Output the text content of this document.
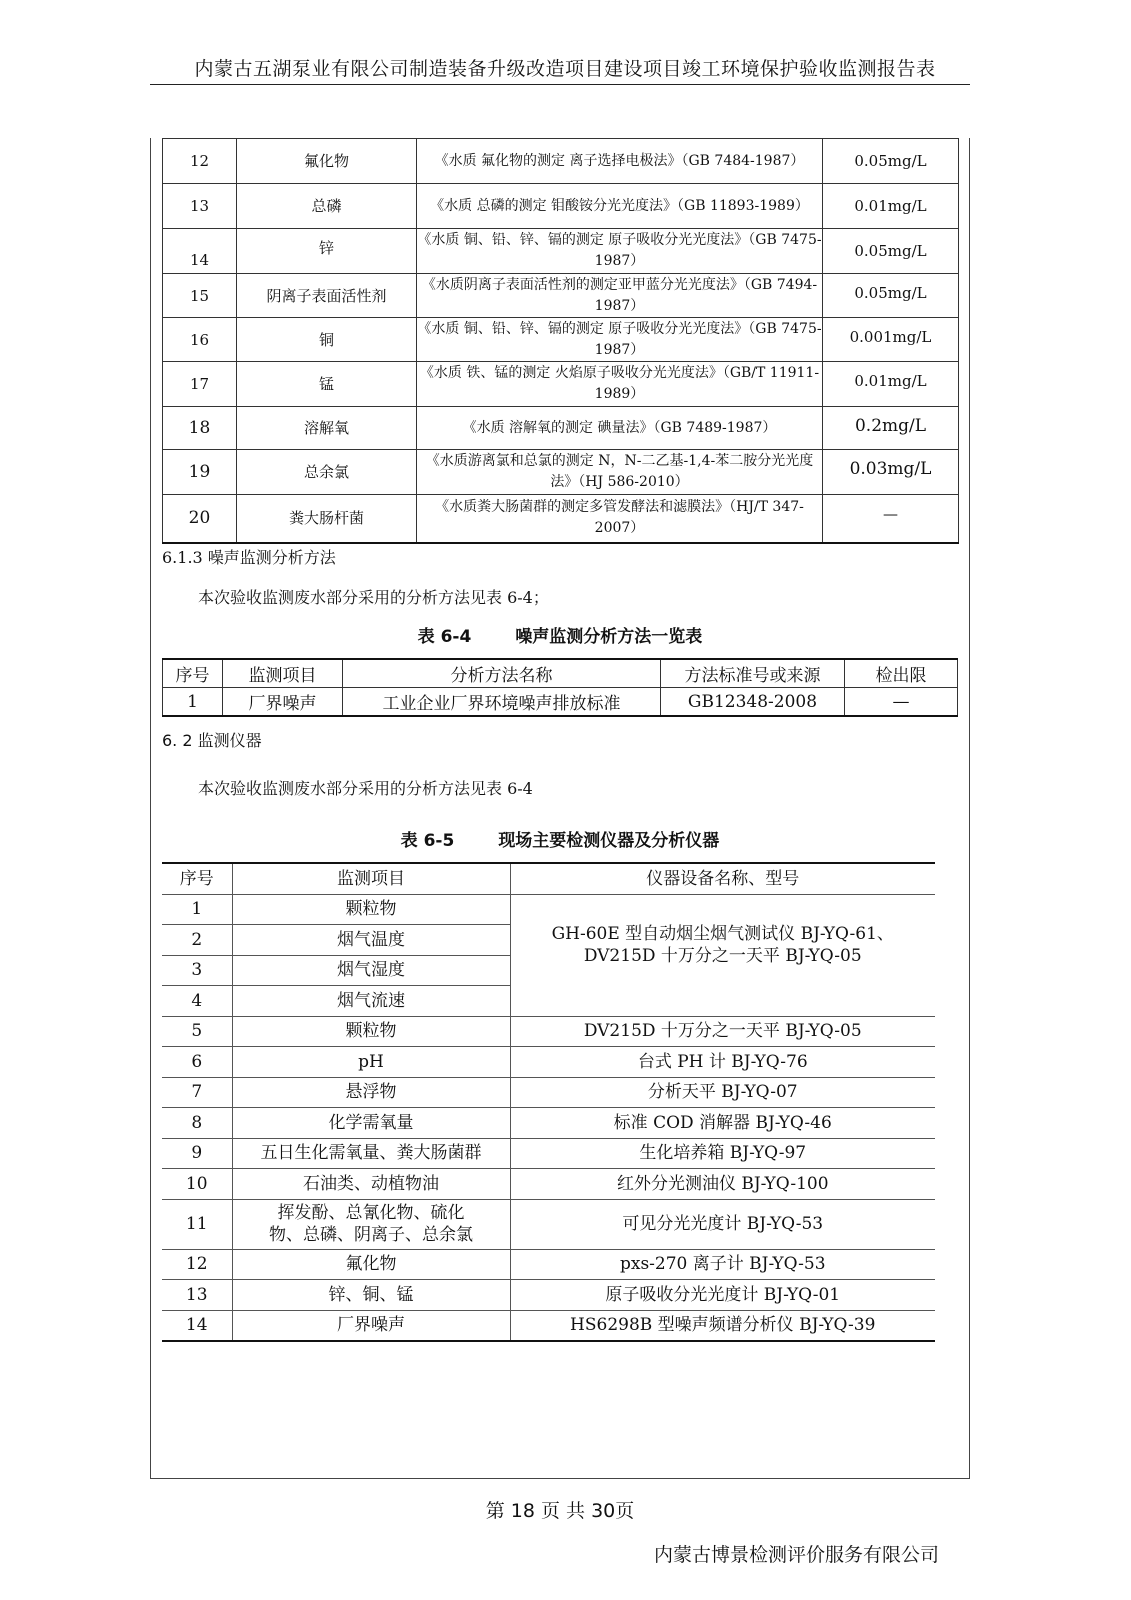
内蒙古五湖泵业有限公司制造装备升级改造项目建设项目竣工环境保护验收监测报告表
12	氟化物	《水质 氟化物的测定 离子选择电极法》（GB 7484-1987）	0.05mg/L
13	总磷	《水质 总磷的测定 钼酸铵分光光度法》（GB 11893-1989）	0.01mg/L
14	锌	《水质 铜、铅、锌、镉的测定 原子吸收分光光度法》（GB 7475-1987）	0.05mg/L
15	阴离子表面活性剂	《水质阴离子表面活性剂的测定亚甲蓝分光光度法》（GB 7494-1987）	0.05mg/L
16	铜	《水质 铜、铅、锌、镉的测定 原子吸收分光光度法》（GB 7475-1987）	0.001mg/L
17	锰	《水质 铁、锰的测定 火焰原子吸收分光光度法》（GB/T 11911-1989）	0.01mg/L
18	溶解氧	《水质 溶解氧的测定 碘量法》（GB 7489-1987）	0.2mg/L
19	总余氯	《水质游离氯和总氯的测定 N，N-二乙基-1,4-苯二胺分光光度法》（HJ 586-2010）	0.03mg/L
20	粪大肠杆菌	《水质粪大肠菌群的测定多管发酵法和滤膜法》（HJ/T 347-2007）	—
6.1.3 噪声监测分析方法
本次验收监测废水部分采用的分析方法见表 6-4；
表 6-4	噪声监测分析方法一览表
序号	监测项目	分析方法名称	方法标准号或来源	检出限
1	厂界噪声	工业企业厂界环境噪声排放标准	GB12348-2008	—
6. 2 监测仪器
本次验收监测废水部分采用的分析方法见表 6-4
表 6-5	现场主要检测仪器及分析仪器
序号	监测项目	仪器设备名称、型号
1	颗粒物	GH-60E 型自动烟尘烟气测试仪 BJ-YQ-61、DV215D 十万分之一天平 BJ-YQ-05
2	烟气温度	
3	烟气湿度	
4	烟气流速	
5	颗粒物	DV215D 十万分之一天平 BJ-YQ-05
6	pH	台式 PH 计 BJ-YQ-76
7	悬浮物	分析天平 BJ-YQ-07
8	化学需氧量	标准 COD 消解器 BJ-YQ-46
9	五日生化需氧量、粪大肠菌群	生化培养箱 BJ-YQ-97
10	石油类、动植物油	红外分光测油仪 BJ-YQ-100
11	挥发酚、总氰化物、硫化物、总磷、阴离子、总余氯	可见分光光度计 BJ-YQ-53
12	氟化物	pxs-270 离子计 BJ-YQ-53
13	锌、铜、锰	原子吸收分光光度计 BJ-YQ-01
14	厂界噪声	HS6298B 型噪声频谱分析仪 BJ-YQ-39
第 18 页 共 30页
内蒙古博景检测评价服务有限公司
